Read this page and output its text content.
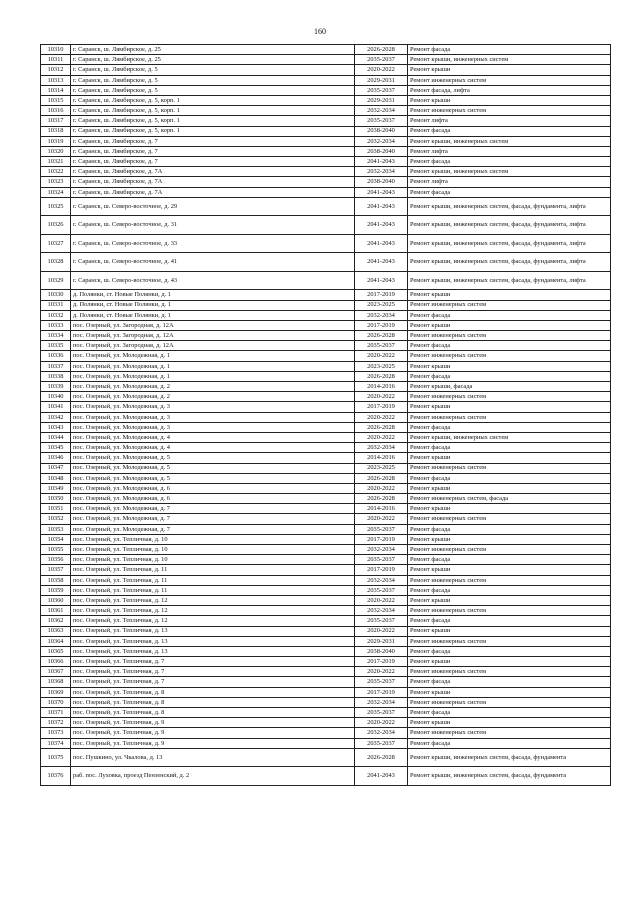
160
10310	г. Саранск, ш. Лямбирское, д. 25	2026-2028	Ремонт фасада
10311	г. Саранск, ш. Лямбирское, д. 25	2035-2037	Ремонт крыши, инженерных систем
10312	г. Саранск, ш. Лямбирское, д. 5	2020-2022	Ремонт крыши
10313	г. Саранск, ш. Лямбирское, д. 5	2029-2031	Ремонт инженерных систем
10314	г. Саранск, ш. Лямбирское, д. 5	2035-2037	Ремонт фасада, лифта
10315	г. Саранск, ш. Лямбирское, д. 5, корп. 1	2029-2031	Ремонт крыши
10316	г. Саранск, ш. Лямбирское, д. 5, корп. 1	2032-2034	Ремонт инженерных систем
10317	г. Саранск, ш. Лямбирское, д. 5, корп. 1	2035-2037	Ремонт лифта
10318	г. Саранск, ш. Лямбирское, д. 5, корп. 1	2038-2040	Ремонт фасада
10319	г. Саранск, ш. Лямбирское, д. 7	2032-2034	Ремонт крыши, инженерных систем
10320	г. Саранск, ш. Лямбирское, д. 7	2038-2040	Ремонт лифта
10321	г. Саранск, ш. Лямбирское, д. 7	2041-2043	Ремонт фасада
10322	г. Саранск, ш. Лямбирское, д. 7А	2032-2034	Ремонт крыши, инженерных систем
10323	г. Саранск, ш. Лямбирское, д. 7А	2038-2040	Ремонт лифта
10324	г. Саранск, ш. Лямбирское, д. 7А	2041-2043	Ремонт фасада
10325	г. Саранск, ш. Северо-восточное, д. 29	2041-2043	Ремонт крыши, инженерных систем, фасада, фундамента, лифта
10326	г. Саранск, ш. Северо-восточное, д. 31	2041-2043	Ремонт крыши, инженерных систем, фасада, фундамента, лифта
10327	г. Саранск, ш. Северо-восточное, д. 33	2041-2043	Ремонт крыши, инженерных систем, фасада, фундамента, лифта
10328	г. Саранск, ш. Северо-восточное, д. 41	2041-2043	Ремонт крыши, инженерных систем, фасада, фундамента, лифта
10329	г. Саранск, ш. Северо-восточное, д. 43	2041-2043	Ремонт крыши, инженерных систем, фасада, фундамента, лифта
10330	д. Полянки, ст. Новые Полянки, д. 1	2017-2019	Ремонт крыши
10331	д. Полянки, ст. Новые Полянки, д. 1	2023-2025	Ремонт инженерных систем
10332	д. Полянки, ст. Новые Полянки, д. 1	2032-2034	Ремонт фасада
10333	пос. Озерный, ул. Загородная, д. 12А	2017-2019	Ремонт крыши
10334	пос. Озерный, ул. Загородная, д. 12А	2026-2028	Ремонт инженерных систем
10335	пос. Озерный, ул. Загородная, д. 12А	2035-2037	Ремонт фасада
10336	пос. Озерный, ул. Молодежная, д. 1	2020-2022	Ремонт инженерных систем
10337	пос. Озерный, ул. Молодежная, д. 1	2023-2025	Ремонт крыши
10338	пос. Озерный, ул. Молодежная, д. 1	2026-2028	Ремонт фасада
10339	пос. Озерный, ул. Молодежная, д. 2	2014-2016	Ремонт крыши, фасада
10340	пос. Озерный, ул. Молодежная, д. 2	2020-2022	Ремонт инженерных систем
10341	пос. Озерный, ул. Молодежная, д. 3	2017-2019	Ремонт крыши
10342	пос. Озерный, ул. Молодежная, д. 3	2020-2022	Ремонт инженерных систем
10343	пос. Озерный, ул. Молодежная, д. 3	2026-2028	Ремонт фасада
10344	пос. Озерный, ул. Молодежная, д. 4	2020-2022	Ремонт крыши, инженерных систем
10345	пос. Озерный, ул. Молодежная, д. 4	2032-2034	Ремонт фасада
10346	пос. Озерный, ул. Молодежная, д. 5	2014-2016	Ремонт крыши
10347	пос. Озерный, ул. Молодежная, д. 5	2023-2025	Ремонт инженерных систем
10348	пос. Озерный, ул. Молодежная, д. 5	2026-2028	Ремонт фасада
10349	пос. Озерный, ул. Молодежная, д. 6	2020-2022	Ремонт крыши
10350	пос. Озерный, ул. Молодежная, д. 6	2026-2028	Ремонт инженерных систем, фасада
10351	пос. Озерный, ул. Молодежная, д. 7	2014-2016	Ремонт крыши
10352	пос. Озерный, ул. Молодежная, д. 7	2020-2022	Ремонт инженерных систем
10353	пос. Озерный, ул. Молодежная, д. 7	2035-2037	Ремонт фасада
10354	пос. Озерный, ул. Тепличная, д. 10	2017-2019	Ремонт крыши
10355	пос. Озерный, ул. Тепличная, д. 10	2032-2034	Ремонт инженерных систем
10356	пос. Озерный, ул. Тепличная, д. 10	2035-2037	Ремонт фасада
10357	пос. Озерный, ул. Тепличная, д. 11	2017-2019	Ремонт крыши
10358	пос. Озерный, ул. Тепличная, д. 11	2032-2034	Ремонт инженерных систем
10359	пос. Озерный, ул. Тепличная, д. 11	2035-2037	Ремонт фасада
10360	пос. Озерный, ул. Тепличная, д. 12	2020-2022	Ремонт крыши
10361	пос. Озерный, ул. Тепличная, д. 12	2032-2034	Ремонт инженерных систем
10362	пос. Озерный, ул. Тепличная, д. 12	2035-2037	Ремонт фасада
10363	пос. Озерный, ул. Тепличная, д. 13	2020-2022	Ремонт крыши
10364	пос. Озерный, ул. Тепличная, д. 13	2029-2031	Ремонт инженерных систем
10365	пос. Озерный, ул. Тепличная, д. 13	2038-2040	Ремонт фасада
10366	пос. Озерный, ул. Тепличная, д. 7	2017-2019	Ремонт крыши
10367	пос. Озерный, ул. Тепличная, д. 7	2020-2022	Ремонт инженерных систем
10368	пос. Озерный, ул. Тепличная, д. 7	2035-2037	Ремонт фасада
10369	пос. Озерный, ул. Тепличная, д. 8	2017-2019	Ремонт крыши
10370	пос. Озерный, ул. Тепличная, д. 8	2032-2034	Ремонт инженерных систем
10371	пос. Озерный, ул. Тепличная, д. 8	2035-2037	Ремонт фасада
10372	пос. Озерный, ул. Тепличная, д. 9	2020-2022	Ремонт крыши
10373	пос. Озерный, ул. Тепличная, д. 9	2032-2034	Ремонт инженерных систем
10374	пос. Озерный, ул. Тепличная, д. 9	2035-2037	Ремонт фасада
10375	пос. Пушкино, ул. Чкалова, д. 13	2026-2028	Ремонт крыши, инженерных систем, фасада, фундамента
10376	раб. пос. Луховка, проезд Пензенский, д. 2	2041-2043	Ремонт крыши, инженерных систем, фасада, фундамента
